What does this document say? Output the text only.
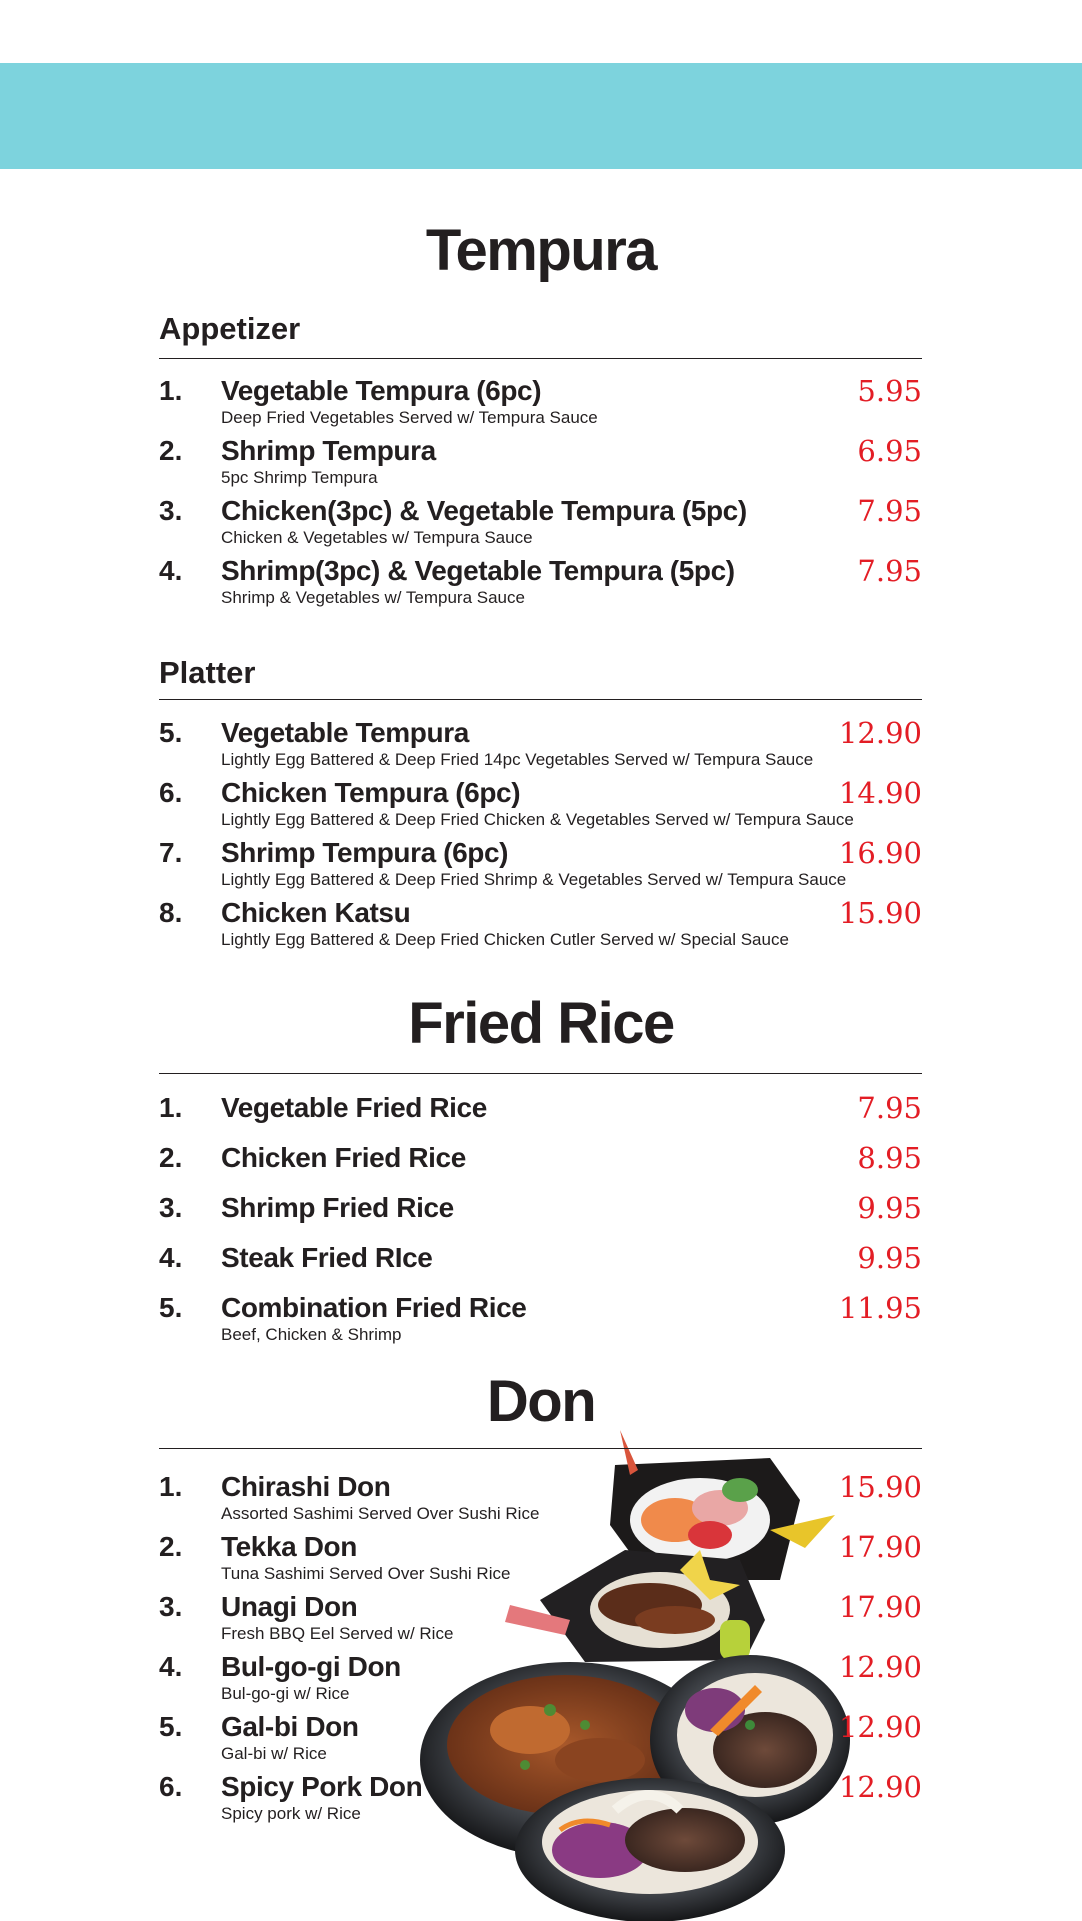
Tempura
Appetizer
1. Vegetable Tempura (6pc)
Deep Fried Vegetables Served w/ Tempura Sauce
5.95
2. Shrimp Tempura
5pc Shrimp Tempura
6.95
3. Chicken(3pc) & Vegetable Tempura (5pc)
Chicken & Vegetables w/ Tempura Sauce
7.95
4. Shrimp(3pc) & Vegetable Tempura (5pc)
Shrimp & Vegetables w/ Tempura Sauce
7.95
Platter
5. Vegetable Tempura
Lightly Egg Battered & Deep Fried 14pc Vegetables Served w/ Tempura Sauce
12.90
6. Chicken Tempura (6pc)
Lightly Egg Battered & Deep Fried Chicken & Vegetables Served w/ Tempura Sauce
14.90
7. Shrimp Tempura (6pc)
Lightly Egg Battered & Deep Fried Shrimp & Vegetables Served w/ Tempura Sauce
16.90
8. Chicken Katsu
Lightly Egg Battered & Deep Fried Chicken Cutler Served w/ Special Sauce
15.90
Fried Rice
1. Vegetable Fried Rice	7.95
2. Chicken Fried Rice	8.95
3. Shrimp Fried Rice	9.95
4. Steak Fried RIce	9.95
5. Combination Fried Rice
Beef, Chicken & Shrimp
11.95
Don
1. Chirashi Don
Assorted Sashimi Served Over Sushi Rice
15.90
2. Tekka Don
Tuna Sashimi Served Over Sushi Rice
17.90
3. Unagi Don
Fresh BBQ Eel Served w/ Rice
17.90
4. Bul-go-gi Don
Bul-go-gi w/ Rice
12.90
5. Gal-bi Don
Gal-bi w/ Rice
12.90
6. Spicy Pork Don
Spicy pork w/ Rice
12.90
